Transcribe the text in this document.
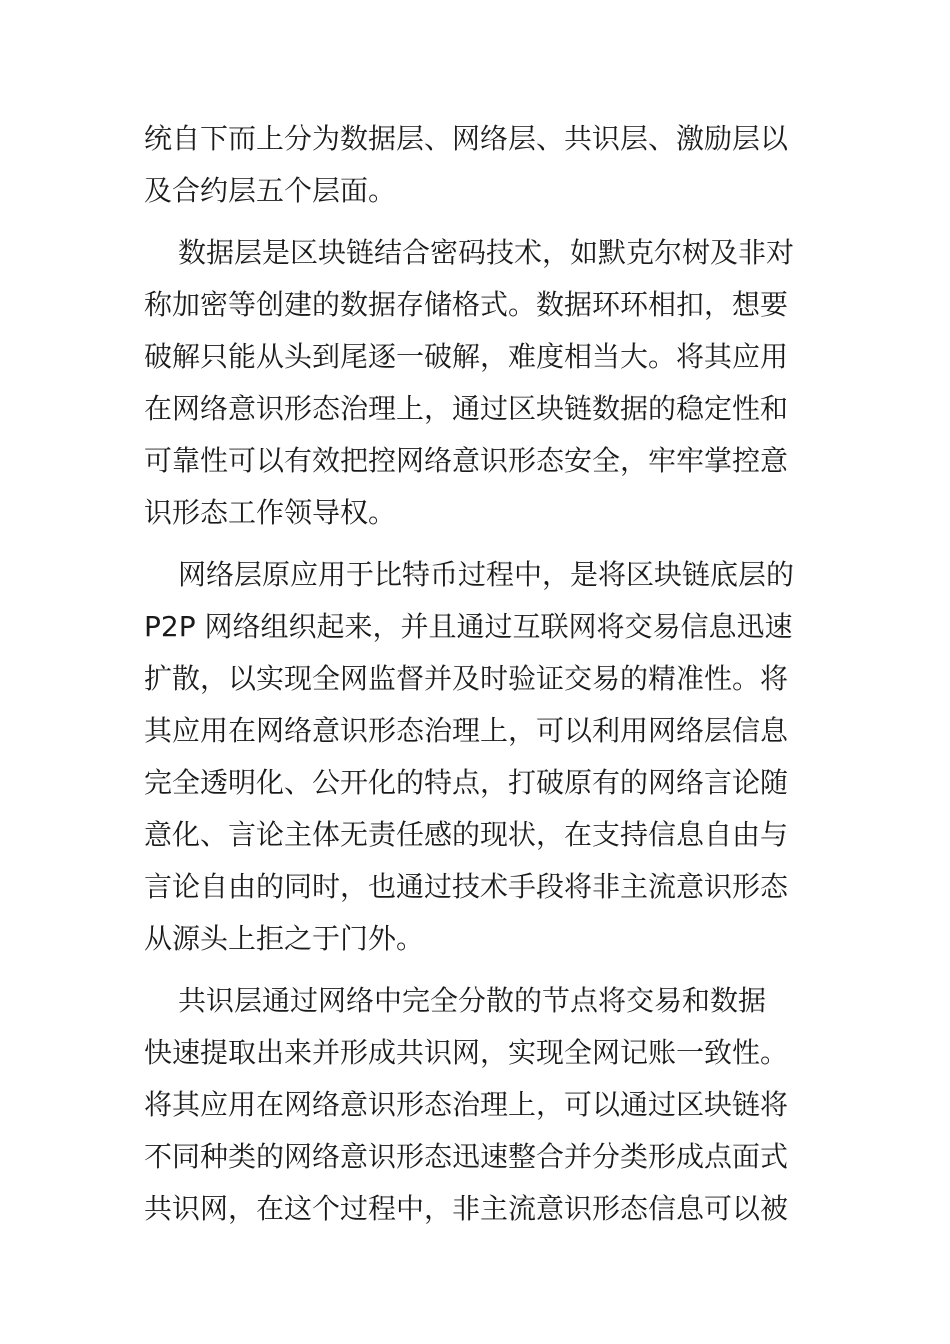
统自下而上分为数据层、网络层、共识层、激励层以
及合约层五个层面。
数据层是区块链结合密码技术，如默克尔树及非对
称加密等创建的数据存储格式。数据环环相扣，想要
破解只能从头到尾逐一破解，难度相当大。将其应用
在网络意识形态治理上，通过区块链数据的稳定性和
可靠性可以有效把控网络意识形态安全，牢牢掌控意
识形态工作领导权。
网络层原应用于比特币过程中，是将区块链底层的
P2P 网络组织起来，并且通过互联网将交易信息迅速
扩散，以实现全网监督并及时验证交易的精准性。将
其应用在网络意识形态治理上，可以利用网络层信息
完全透明化、公开化的特点，打破原有的网络言论随
意化、言论主体无责任感的现状，在支持信息自由与
言论自由的同时，也通过技术手段将非主流意识形态
从源头上拒之于门外。
共识层通过网络中完全分散的节点将交易和数据
快速提取出来并形成共识网，实现全网记账一致性。
将其应用在网络意识形态治理上，可以通过区块链将
不同种类的网络意识形态迅速整合并分类形成点面式
共识网，在这个过程中，非主流意识形态信息可以被
